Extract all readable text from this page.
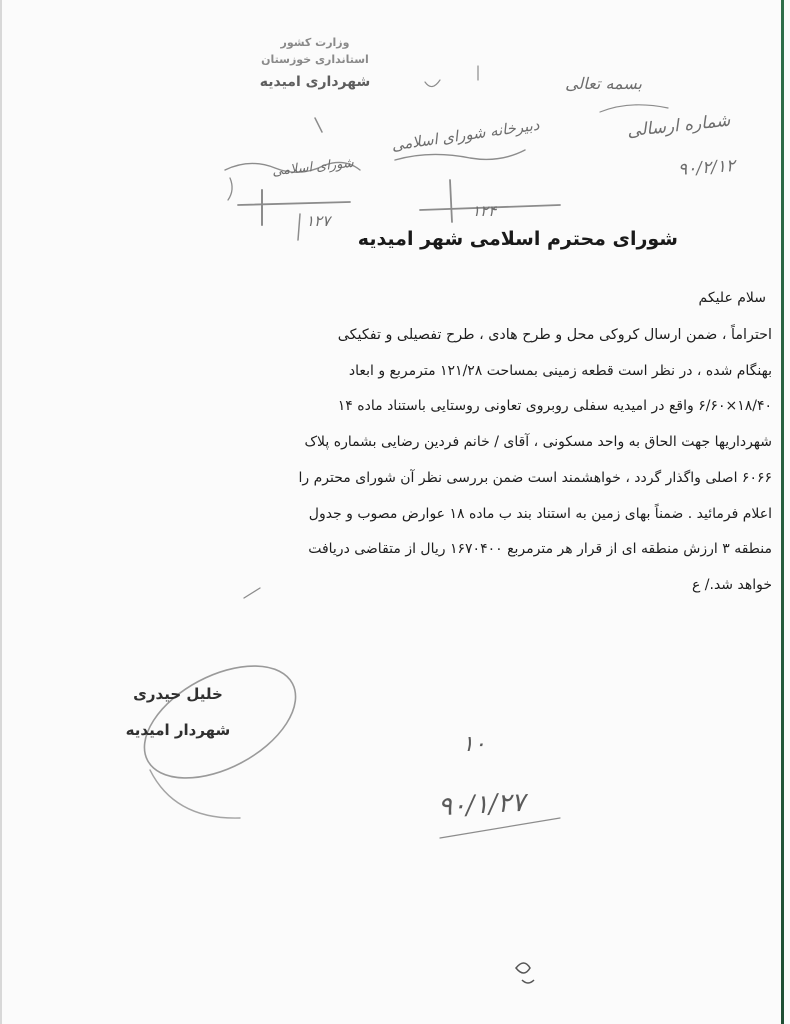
وزارت کشور
استانداری خوزستان
شهرداری امیدیه	بسمه تعالی
شماره ارسالی
۹۰/۲/۱۲
دبیرخانه شورای اسلامی
شورای اسلامی
۱۲۷
۱۲۴
شورای محترم اسلامی شهر امیدیه
سلام علیکم
احتراماً ، ضمن ارسال کروکی محل و طرح هادی ، طرح تفصیلی و تفکیکی
بهنگام شده ، در نظر است قطعه زمینی بمساحت ۱۲۱/۲۸ مترمربع و ابعاد
۱۸/۴۰×۶/۶۰ واقع در امیدیه سفلی روبروی تعاونی روستایی باستناد ماده ۱۴
شهرداریها جهت الحاق به واحد مسکونی ، آقای / خانم فردین رضایی بشماره پلاک
۶۰۶۶ اصلی واگذار گردد ، خواهشمند است ضمن بررسی نظر آن شورای محترم را
اعلام فرمائید . ضمناً بهای زمین به استناد بند ب ماده ۱۸ عوارض مصوب و جدول
منطقه ۳ ارزش منطقه ای از قرار هر مترمربع ۱۶۷۰۴۰۰ ریال از متقاضی دریافت
خواهد شد./ ع
خلیل حیدری
شهردار امیدیه
۱۰
۹۰/۱/۲۷
